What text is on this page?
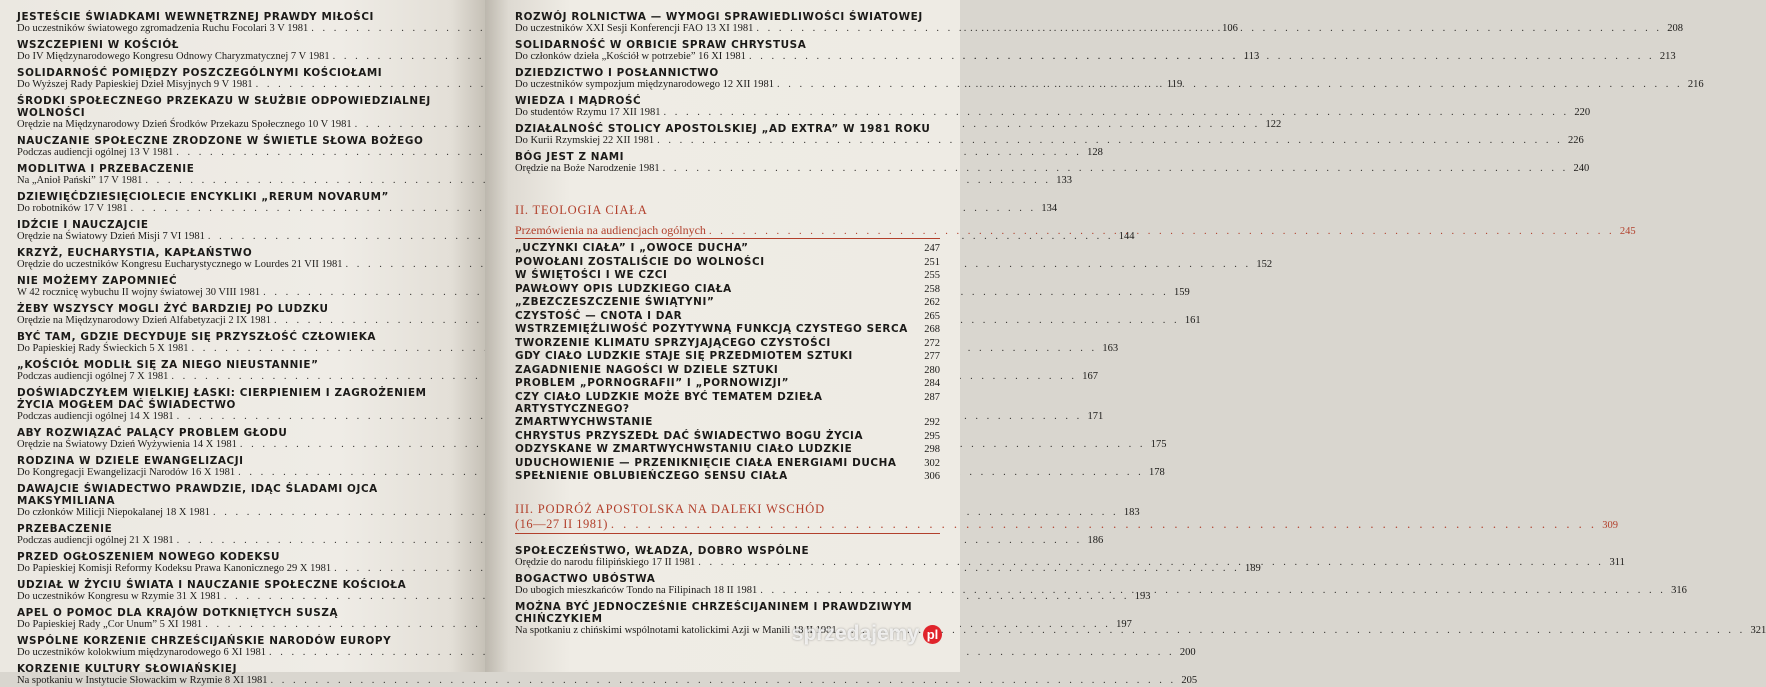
JESTEŚCIE ŚWIADKAMI WEWNĘTRZNEJ PRAWDY MIŁOŚCI
Do uczestników światowego zgromadzenia Ruchu Focolari 3 V 1981 . . .	106
WSZCZEPIENI W KOŚCIÓŁ
Do IV Międzynarodowego Kongresu Odnowy Charyzmatycznej 7 V 1981 . . .	113
SOLIDARNOŚĆ POMIĘDZY POSZCZEGÓLNYMI KOŚCIOŁAMI
Do Wyższej Rady Papieskiej Dzieł Misyjnych 9 V 1981 . . .	119
ŚRODKI SPOŁECZNEGO PRZEKAZU W SŁUŻBIE ODPOWIEDZIALNEJ WOLNOŚCI
Orędzie na Międzynarodowy Dzień Środków Przekazu Społecznego 10 V 1981 . . .	122
NAUCZANIE SPOŁECZNE ZRODZONE W ŚWIETLE SŁOWA BOŻEGO
Podczas audiencji ogólnej 13 V 1981 . . .	128
MODLITWA I PRZEBACZENIE
Na „Anioł Pański” 17 V 1981 . . .	133
DZIEWIĘĆDZIESIĘCIOLECIE ENCYKLIKI „RERUM NOVARUM”
Do robotników 17 V 1981 . . .	134
IDŹCIE I NAUCZAJCIE
Orędzie na Światowy Dzień Misji 7 VI 1981 . . .	144
KRZYŻ, EUCHARYSTIA, KAPŁAŃSTWO
Orędzie do uczestników Kongresu Eucharystycznego w Lourdes 21 VII 1981 . . .	152
NIE MOŻEMY ZAPOMNIEĆ
W 42 rocznicę wybuchu II wojny światowej 30 VIII 1981 . . .	159
ŻEBY WSZYSCY MOGLI ŻYĆ BARDZIEJ PO LUDZKU
Orędzie na Międzynarodowy Dzień Alfabetyzacji 2 IX 1981 . . .	161
BYĆ TAM, GDZIE DECYDUJE SIĘ PRZYSZŁOŚĆ CZŁOWIEKA
Do Papieskiej Rady Świeckich 5 X 1981 . . .	163
„KOŚCIÓŁ MODLIŁ SIĘ ZA NIEGO NIEUSTANNIE”
Podczas audiencji ogólnej 7 X 1981 . . .	167
DOŚWIADCZYŁEM WIELKIEJ ŁASKI: CIERPIENIEM I ZAGROŻENIEM ŻYCIA MOGŁEM DAĆ ŚWIADECTWO
Podczas audiencji ogólnej 14 X 1981 . . .	171
ABY ROZWIĄZAĆ PALĄCY PROBLEM GŁODU
Orędzie na Światowy Dzień Wyżywienia 14 X 1981 . . .	175
RODZINA W DZIELE EWANGELIZACJI
Do Kongregacji Ewangelizacji Narodów 16 X 1981 . . .	178
DAWAJCIE ŚWIADECTWO PRAWDZIE, IDĄC ŚLADAMI OJCA MAKSYMILIANA
Do członków Milicji Niepokalanej 18 X 1981 . . .	183
PRZEBACZENIE
Podczas audiencji ogólnej 21 X 1981 . . .	186
PRZED OGŁOSZENIEM NOWEGO KODEKSU
Do Papieskiej Komisji Reformy Kodeksu Prawa Kanonicznego 29 X 1981 . . .	189
UDZIAŁ W ŻYCIU ŚWIATA I NAUCZANIE SPOŁECZNE KOŚCIOŁA
Do uczestników Kongresu w Rzymie 31 X 1981 . . .	193
APEL O POMOC DLA KRAJÓW DOTKNIĘTYCH SUSZĄ
Do Papieskiej Rady „Cor Unum” 5 XI 1981 . . .	197
WSPÓLNE KORZENIE CHRZEŚCIJAŃSKIE NARODÓW EUROPY
Do uczestników kolokwium międzynarodowego 6 XI 1981 . . .	200
KORZENIE KULTURY SŁOWIAŃSKIEJ
Na spotkaniu w Instytucie Słowackim w Rzymie 8 XI 1981 . . .	205
ROZWÓJ ROLNICTWA — WYMOGI SPRAWIEDLIWOŚCI ŚWIATOWEJ
Do uczestników XXI Sesji Konferencji FAO 13 XI 1981 . . .	208
SOLIDARNOŚĆ W ORBICIE SPRAW CHRYSTUSA
Do członków dzieła „Kościół w potrzebie” 16 XI 1981 . . .	213
DZIEDZICTWO I POSŁANNICTWO
Do uczestników sympozjum międzynarodowego 12 XII 1981 . . .	216
WIEDZA I MĄDROŚĆ
Do studentów Rzymu 17 XII 1981 . . .	220
DZIAŁALNOŚĆ STOLICY APOSTOLSKIEJ „AD EXTRA” W 1981 ROKU
Do Kurii Rzymskiej 22 XII 1981 . . .	226
BÓG JEST Z NAMI
Orędzie na Boże Narodzenie 1981 . . .	240
II. TEOLOGIA CIAŁA
Przemówienia na audiencjach ogólnych . . .	245
„UCZYNKI CIAŁA” I „OWOCE DUCHA”	247
POWOŁANI ZOSTALIŚCIE DO WOLNOŚCI	251
W ŚWIĘTOŚCI I WE CZCI	255
PAWŁOWY OPIS LUDZKIEGO CIAŁA	258
„ZBEZCZESZCZENIE ŚWIĄTYNI”	262
CZYSTOŚĆ — CNOTA I DAR	265
WSTRZEMIĘŹLIWOŚĆ POZYTYWNĄ FUNKCJĄ CZYSTEGO SERCA 268
TWORZENIE KLIMATU SPRZYJAJĄCEGO CZYSTOŚCI	272
GDY CIAŁO LUDZKIE STAJE SIĘ PRZEDMIOTEM SZTUKI	277
ZAGADNIENIE NAGOŚCI W DZIELE SZTUKI	280
PROBLEM „PORNOGRAFII” I „PORNOWIZJI”	284
CZY CIAŁO LUDZKIE MOŻE BYĆ TEMATEM DZIEŁA ARTYSTYCZNEGO?
287
ZMARTWYCHWSTANIE	292
CHRYSTUS PRZYSZEDŁ DAĆ ŚWIADECTWO BOGU ŻYCIA	295
ODZYSKANE W ZMARTWYCHWSTANIU CIAŁO LUDZKIE	298
UDUCHOWIENIE — PRZENIKNIĘCIE CIAŁA ENERGIAMI DUCHA	302
SPEŁNIENIE OBLUBIEŃCZEGO SENSU CIAŁA	306
III. PODRÓŻ APOSTOLSKA NA DALEKI WSCHÓD
(16—27 II 1981) . . .	309
SPOŁECZEŃSTWO, WŁADZA, DOBRO WSPÓLNE
Orędzie do narodu filipińskiego 17 II 1981 . . .	311
BOGACTWO UBÓSTWA
Do ubogich mieszkańców Tondo na Filipinach 18 II 1981 . . .	316
MOŻNA BYĆ JEDNOCZEŚNIE CHRZEŚCIJANINEM I PRAWDZIWYM CHIŃCZYKIEM
Na spotkaniu z chińskimi wspólnotami katolickimi Azji w Manili 18 II 1981 . . .	321
sprzedajemy pl
